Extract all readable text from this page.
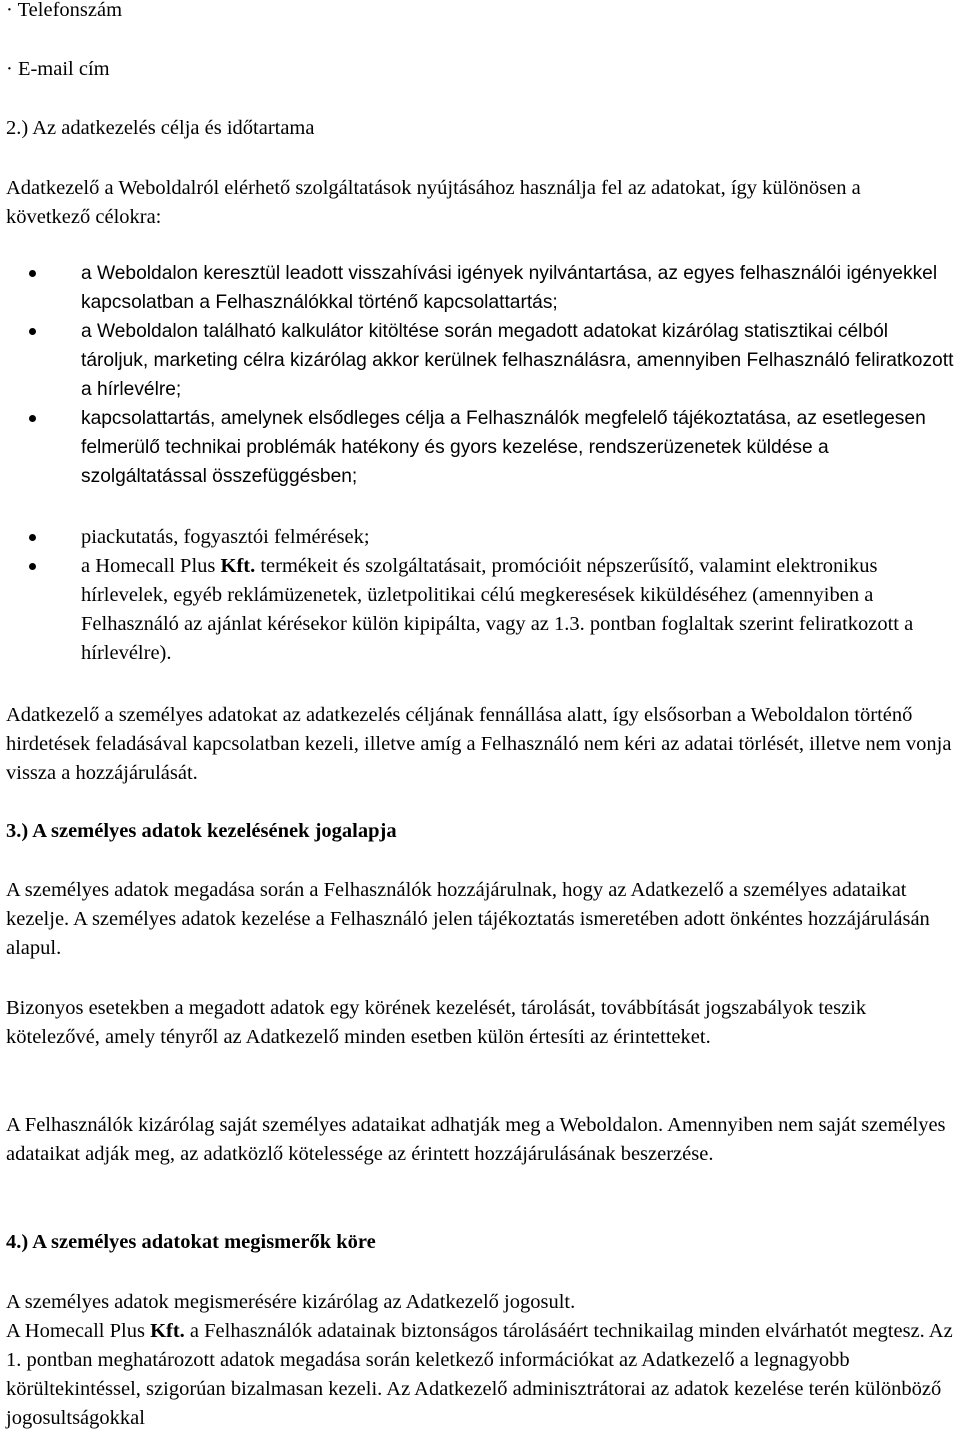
· Telefonszám
· E-mail cím
2.) Az adatkezelés célja és időtartama
Adatkezelő a Weboldalról elérhető szolgáltatások nyújtásához használja fel az adatokat, így különösen a következő célokra:
a Weboldalon keresztül leadott visszahívási igények nyilvántartása, az egyes felhasználói igényekkel kapcsolatban a Felhasználókkal történő kapcsolattartás;
a Weboldalon található kalkulátor kitöltése során megadott adatokat kizárólag statisztikai célból tároljuk, marketing célra kizárólag akkor kerülnek felhasználásra, amennyiben Felhasználó feliratkozott a hírlevélre;
kapcsolattartás, amelynek elsődleges célja a Felhasználók megfelelő tájékoztatása, az esetlegesen felmerülő technikai problémák hatékony és gyors kezelése, rendszerüzenetek küldése a szolgáltatással összefüggésben;
piackutatás, fogyasztói felmérések;
a Homecall Plus Kft. termékeit és szolgáltatásait, promócióit népszerűsítő, valamint elektronikus hírlevelek, egyéb reklámüzenetek, üzletpolitikai célú megkeresések kiküldéséhez (amennyiben a Felhasználó az ajánlat kérésekor külön kipipálta, vagy az 1.3. pontban foglaltak szerint feliratkozott a hírlevélre).
Adatkezelő a személyes adatokat az adatkezelés céljának fennállása alatt, így elsősorban a Weboldalon történő hirdetések feladásával kapcsolatban kezeli, illetve amíg a Felhasználó nem kéri az adatai törlését, illetve nem vonja vissza a hozzájárulását.
3.) A személyes adatok kezelésének jogalapja
A személyes adatok megadása során a Felhasználók hozzájárulnak, hogy az Adatkezelő a személyes adataikat kezelje. A személyes adatok kezelése a Felhasználó jelen tájékoztatás ismeretében adott önkéntes hozzájárulásán alapul.
Bizonyos esetekben a megadott adatok egy körének kezelését, tárolását, továbbítását jogszabályok teszik kötelezővé, amely tényről az Adatkezelő minden esetben külön értesíti az érintetteket.
A Felhasználók kizárólag saját személyes adataikat adhatják meg a Weboldalon. Amennyiben nem saját személyes adataikat adják meg, az adatközlő kötelessége az érintett hozzájárulásának beszerzése.
4.) A személyes adatokat megismerők köre
A személyes adatok megismerésére kizárólag az Adatkezelő jogosult.
A Homecall Plus Kft. a Felhasználók adatainak biztonságos tárolásáért technikailag minden elvárhatót megtesz. Az 1. pontban meghatározott adatok megadása során keletkező információkat az Adatkezelő a legnagyobb körültekintéssel, szigorúan bizalmasan kezeli. Az Adatkezelő adminisztrátorai az adatok kezelése terén különböző jogosultságokkal
